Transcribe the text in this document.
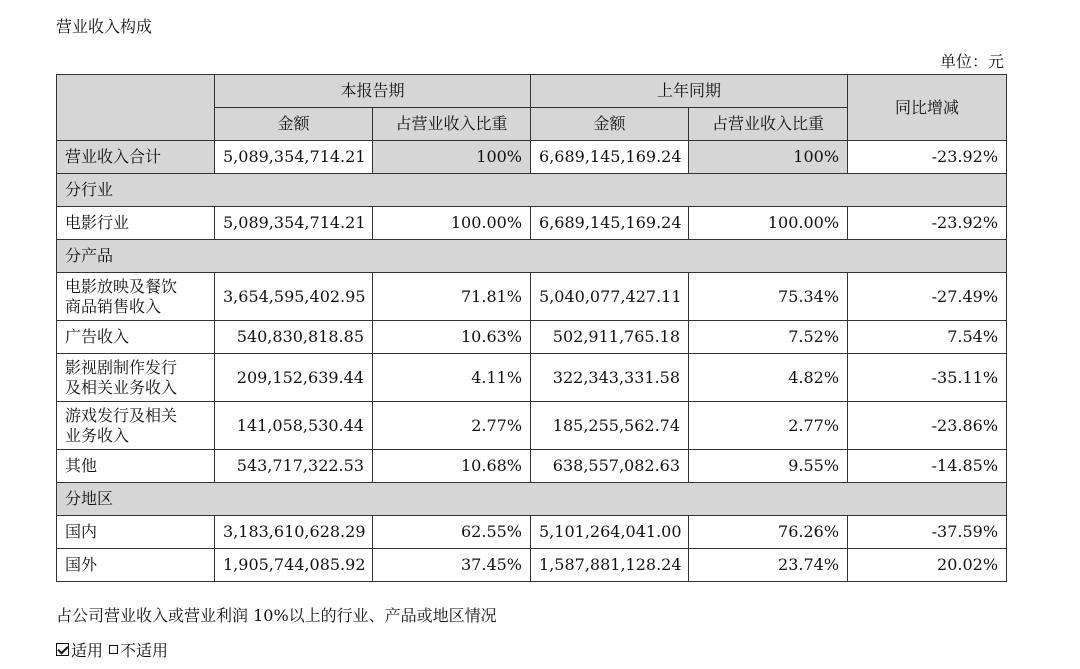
营业收入构成
单位：元
	本报告期		上年同期		同比增减
	金额	占营业收入比重	金额	占营业收入比重	
营业收入合计	5,089,354,714.21	100%	6,689,145,169.24	100%	-23.92%
分行业					

电影行业	5,089,354,714.21	100.00%	6,689,145,169.24	100.00%	-23.92%
分产品					

电影放映及餐饮
商品销售收入	3,654,595,402.95	71.81%	5,040,077,427.11	75.34%	-27.49%

广告收入	540,830,818.85	10.63%	502,911,765.18	7.52%	7.54%

影视剧制作发行
及相关业务收入	209,152,639.44	4.11%	322,343,331.58	4.82%	-35.11%

游戏发行及相关
业务收入	141,058,530.44	2.77%	185,255,562.74	2.77%	-23.86%

其他	543,717,322.53	10.68%	638,557,082.63	9.55%	-14.85%
分地区					

国内	3,183,610,628.29	62.55%	5,101,264,041.00	76.26%	-37.59%

国外	1,905,744,085.92	37.45%	1,587,881,128.24	23.74%	20.02%
占公司营业收入或营业利润 10%以上的行业、产品或地区情况
适用 不适用
